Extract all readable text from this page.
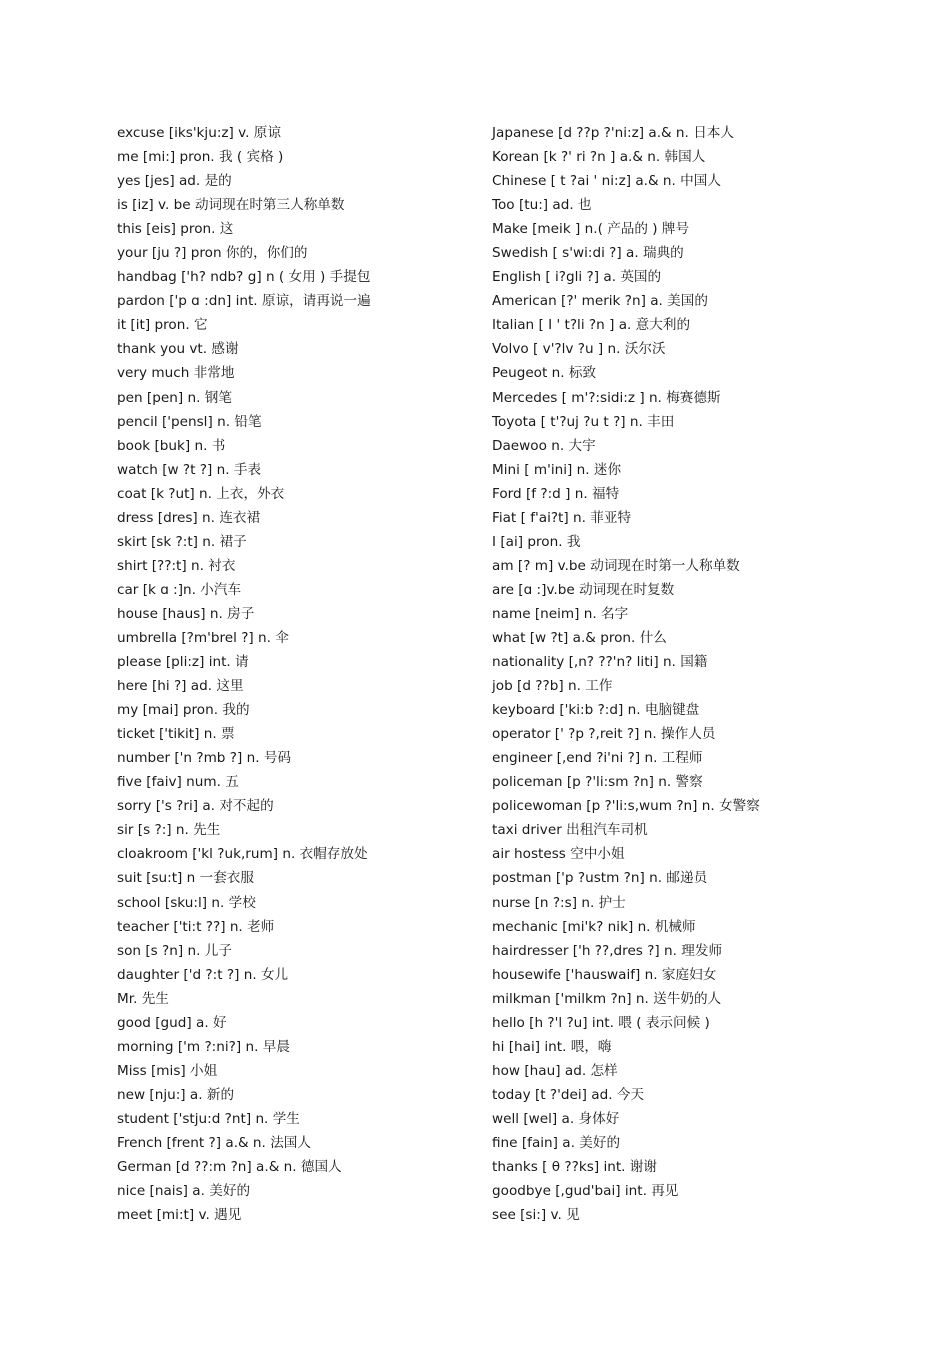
excuse [iks'kju:z] v. 原谅
me [mi:] pron. 我 ( 宾格 )
yes [jes] ad. 是的
is [iz] v. be 动词现在时第三人称单数
this [eis] pron. 这
your [ju ?] pron 你的，你们的
handbag ['h? ndb? g] n ( 女用 ) 手提包
pardon ['p ɑ :dn] int. 原谅，请再说一遍
it [it] pron. 它
thank you vt. 感谢
very much 非常地
pen [pen] n. 钢笔
pencil ['pensl] n. 铅笔
book [buk] n. 书
watch [w ?t ?] n. 手表
coat [k ?ut] n. 上衣，外衣
dress [dres] n. 连衣裙
skirt [sk ?:t] n. 裙子
shirt [??:t] n. 衬衣
car [k ɑ :]n. 小汽车
house [haus] n. 房子
umbrella [?m'brel ?] n. 伞
please [pli:z] int. 请
here [hi ?] ad. 这里
my [mai] pron. 我的
ticket ['tikit] n. 票
number ['n ?mb ?] n. 号码
five [faiv] num. 五
sorry ['s ?ri] a. 对不起的
sir [s ?:] n. 先生
cloakroom ['kl ?uk,rum] n. 衣帽存放处
suit [su:t] n 一套衣服
school [sku:l] n. 学校
teacher ['ti:t ??] n. 老师
son [s ?n] n. 儿子
daughter ['d ?:t ?] n. 女儿
Mr. 先生
good [gud] a. 好
morning ['m ?:ni?] n. 早晨
Miss [mis] 小姐
new [nju:] a. 新的
student ['stju:d ?nt] n. 学生
French [frent ?] a.& n. 法国人
German [d ??:m ?n] a.& n. 德国人
nice [nais] a. 美好的
meet [mi:t] v. 遇见
Japanese [d ??p ?'ni:z] a.& n. 日本人
Korean [k ?' ri ?n ] a.& n. 韩国人
Chinese [ t ?ai ' ni:z] a.& n. 中国人
Too [tu:] ad. 也
Make [meik ] n.( 产品的 ) 牌号
Swedish [ s'wi:di ?] a. 瑞典的
English [ i?gli ?] a. 英国的
American [?' merik ?n] a. 美国的
Italian [ I ' t?li ?n ] a. 意大利的
Volvo [ v'?lv ?u ] n. 沃尔沃
Peugeot n. 标致
Mercedes [ m'?:sidi:z ] n. 梅赛德斯
Toyota [ t'?uj ?u t ?] n. 丰田
Daewoo n. 大宇
Mini [ m'ini] n. 迷你
Ford [f ?:d ] n. 福特
Fiat [ f'ai?t] n. 菲亚特
I [ai] pron. 我
am [? m] v.be 动词现在时第一人称单数
are [ɑ :]v.be 动词现在时复数
name [neim] n. 名字
what [w ?t] a.& pron. 什么
nationality [,n? ??'n? liti] n. 国籍
job [d ??b] n. 工作
keyboard ['ki:b ?:d] n. 电脑键盘
operator [' ?p ?,reit ?] n. 操作人员
engineer [,end ?i'ni ?] n. 工程师
policeman [p ?'li:sm ?n] n. 警察
policewoman [p ?'li:s,wum ?n] n. 女警察
taxi driver 出租汽车司机
air hostess 空中小姐
postman ['p ?ustm ?n] n. 邮递员
nurse [n ?:s] n. 护士
mechanic [mi'k? nik] n. 机械师
hairdresser ['h ??,dres ?] n. 理发师
housewife ['hauswaif] n. 家庭妇女
milkman ['milkm ?n] n. 送牛奶的人
hello [h ?'l ?u] int. 喂 ( 表示问候 )
hi [hai] int. 喂，嗨
how [hau] ad. 怎样
today [t ?'dei] ad. 今天
well [wel] a. 身体好
fine [fain] a. 美好的
thanks [ θ ??ks] int. 谢谢
goodbye [,gud'bai] int. 再见
see [si:] v. 见
